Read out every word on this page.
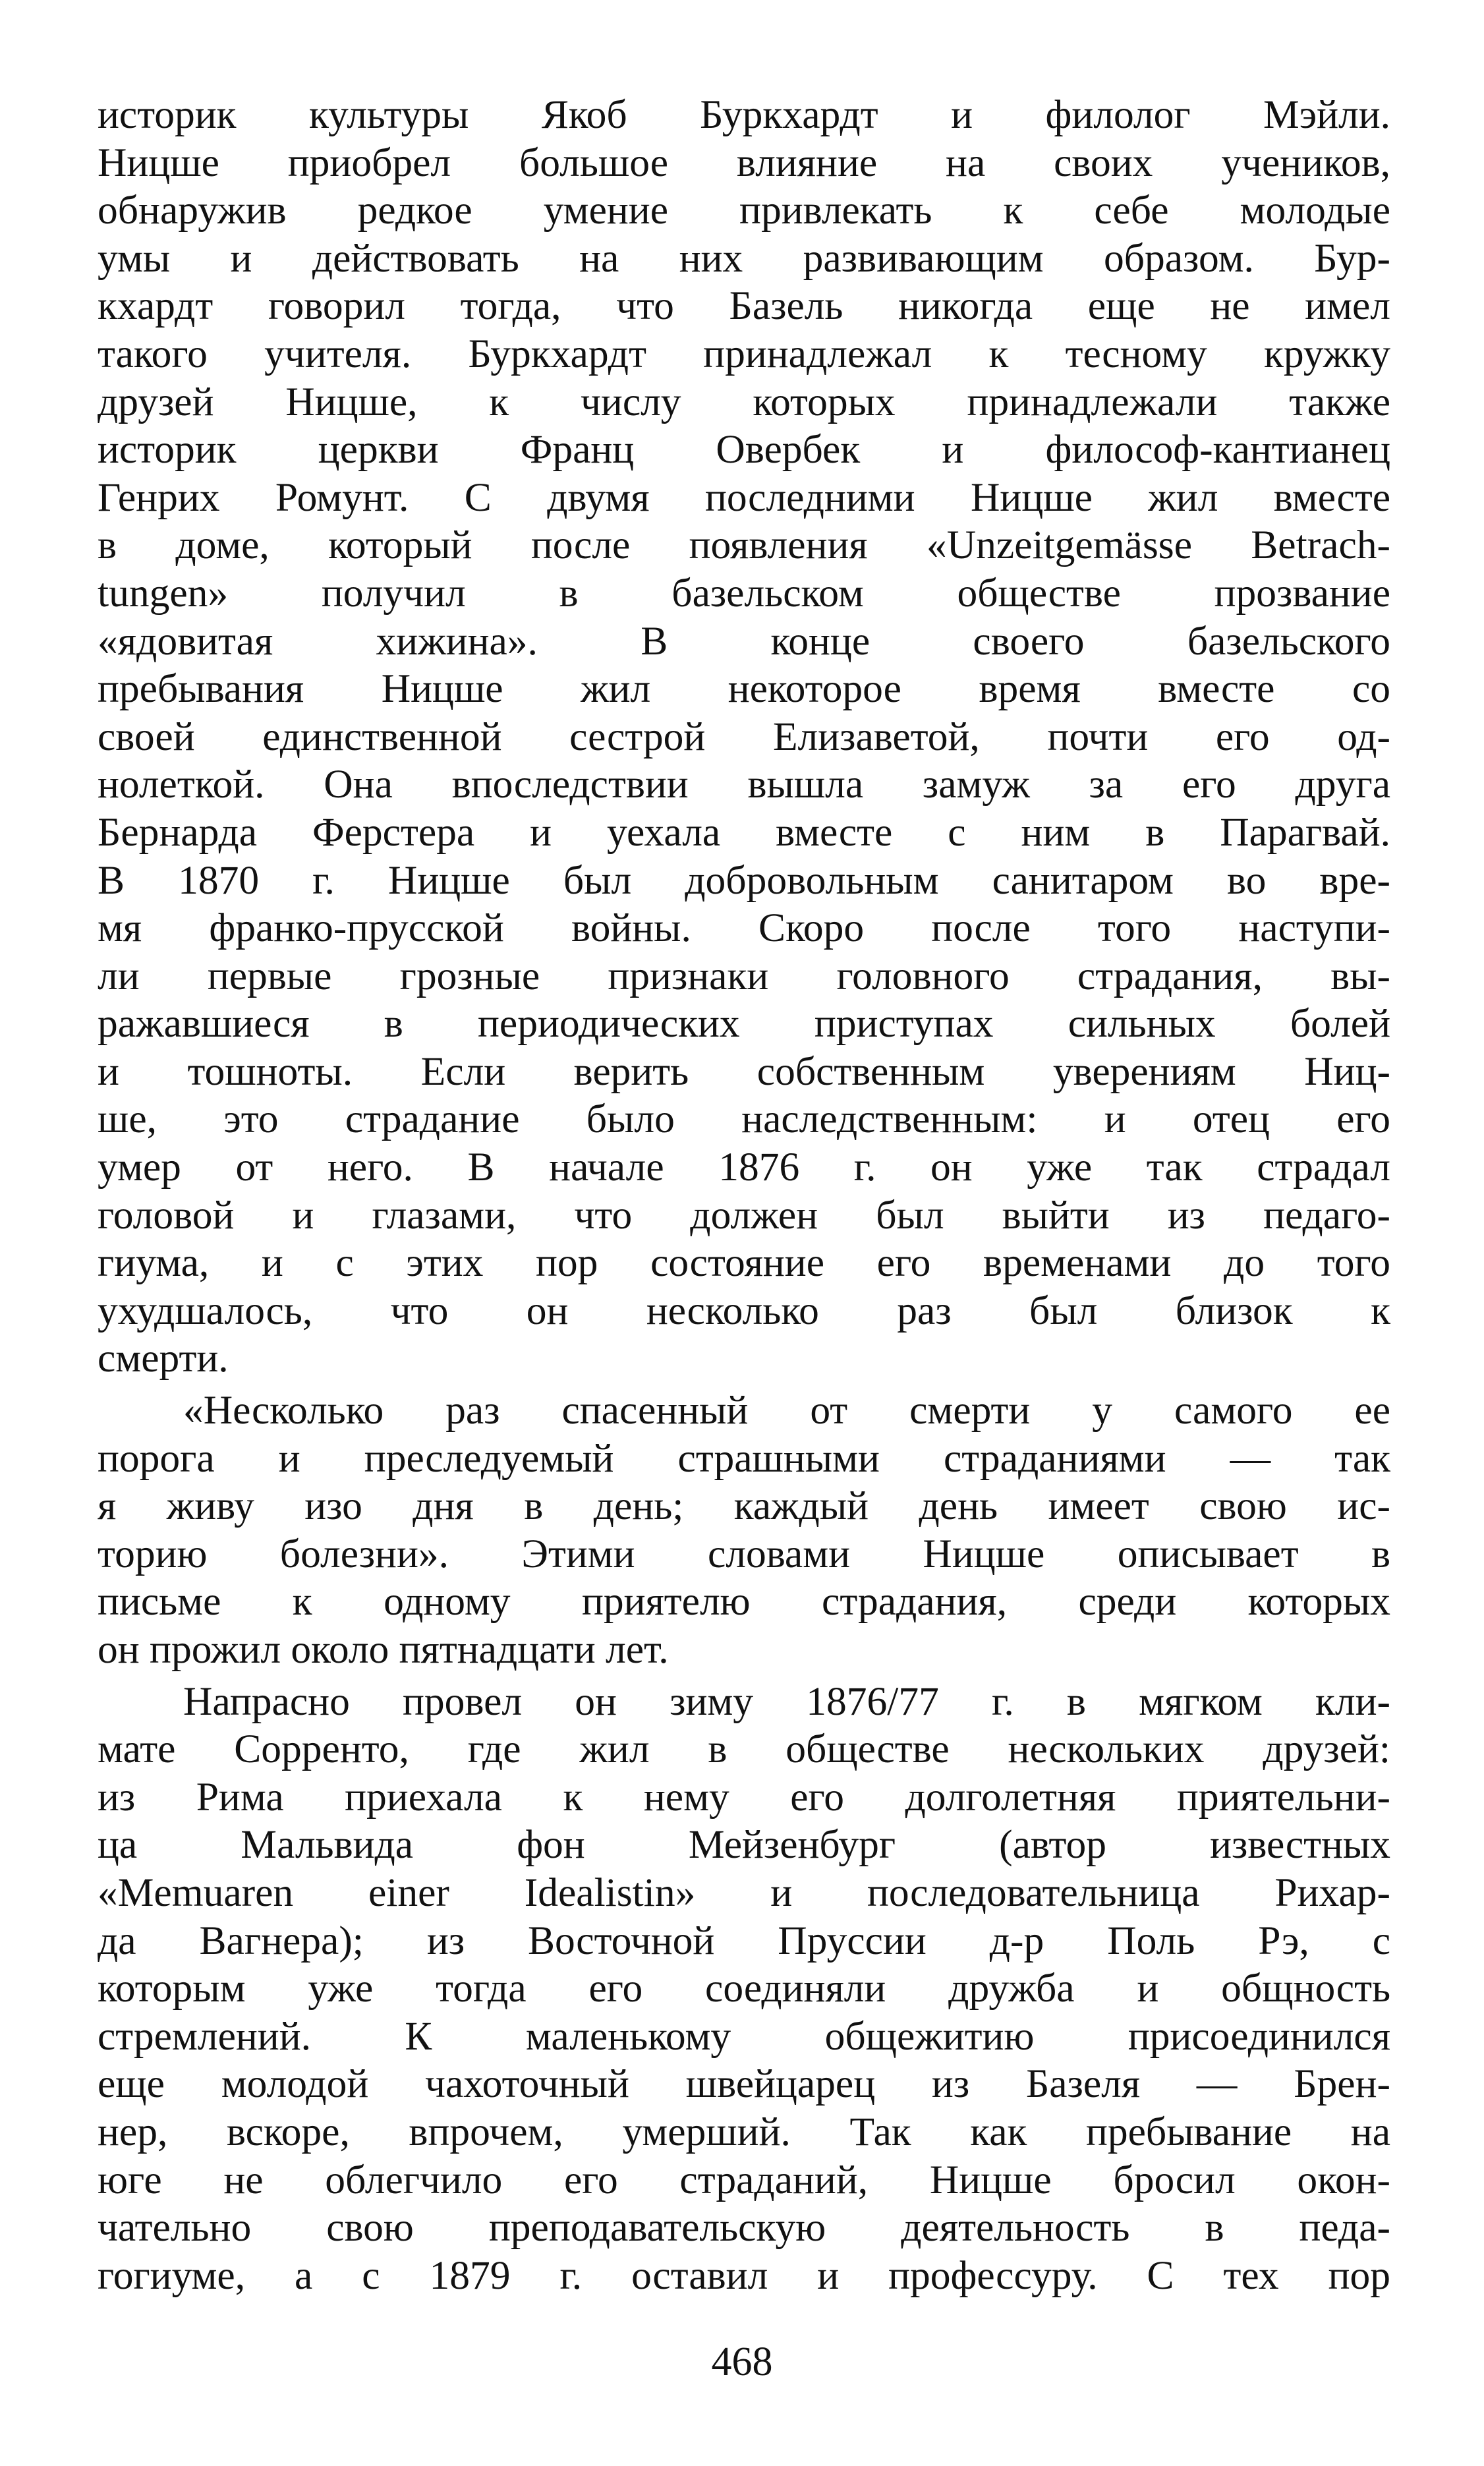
историк культуры Якоб Буркхардт и филолог Мэйли.
Ницше приобрел большое влияние на своих учеников,
обнаружив редкое умение привлекать к себе молодые
умы и действовать на них развивающим образом. Бур-
кхардт говорил тогда, что Базель никогда еще не имел
такого учителя. Буркхардт принадлежал к тесному кружку
друзей Ницше, к числу которых принадлежали также
историк церкви Франц Овербек и философ-кантианец
Генрих Ромунт. С двумя последними Ницше жил вместе
в доме, который после появления «Unzeitgemässe Betrach-
tungen» получил в базельском обществе прозвание
«ядовитая хижина». В конце своего базельского
пребывания Ницше жил некоторое время вместе со
своей единственной сестрой Елизаветой, почти его од-
нолеткой. Она впоследствии вышла замуж за его друга
Бернарда Ферстера и уехала вместе с ним в Парагвай.
В 1870 г. Ницше был добровольным санитаром во вре-
мя франко-прусской войны. Скоро после того наступи-
ли первые грозные признаки головного страдания, вы-
ражавшиеся в периодических приступах сильных болей
и тошноты. Если верить собственным уверениям Ниц-
ше, это страдание было наследственным: и отец его
умер от него. В начале 1876 г. он уже так страдал
головой и глазами, что должен был выйти из педаго-
гиума, и с этих пор состояние его временами до того
ухудшалось, что он несколько раз был близок к
смерти.

«Несколько раз спасенный от смерти у самого ее
порога и преследуемый страшными страданиями — так
я живу изо дня в день; каждый день имеет свою ис-
торию болезни». Этими словами Ницше описывает в
письме к одному приятелю страдания, среди которых
он прожил около пятнадцати лет.

Напрасно провел он зиму 1876/77 г. в мягком кли-
мате Сорренто, где жил в обществе нескольких друзей:
из Рима приехала к нему его долголетняя приятельни-
ца Мальвида фон Мейзенбург (автор известных
«Memuaren einer Idealistin» и последовательница Рихар-
да Вагнера); из Восточной Пруссии д-р Поль Рэ, с
которым уже тогда его соединяли дружба и общность
стремлений. К маленькому общежитию присоединился
еще молодой чахоточный швейцарец из Базеля — Брен-
нер, вскоре, впрочем, умерший. Так как пребывание на
юге не облегчило его страданий, Ницше бросил окон-
чательно свою преподавательскую деятельность в педа-
гогиуме, а с 1879 г. оставил и профессуру. С тех пор

468
